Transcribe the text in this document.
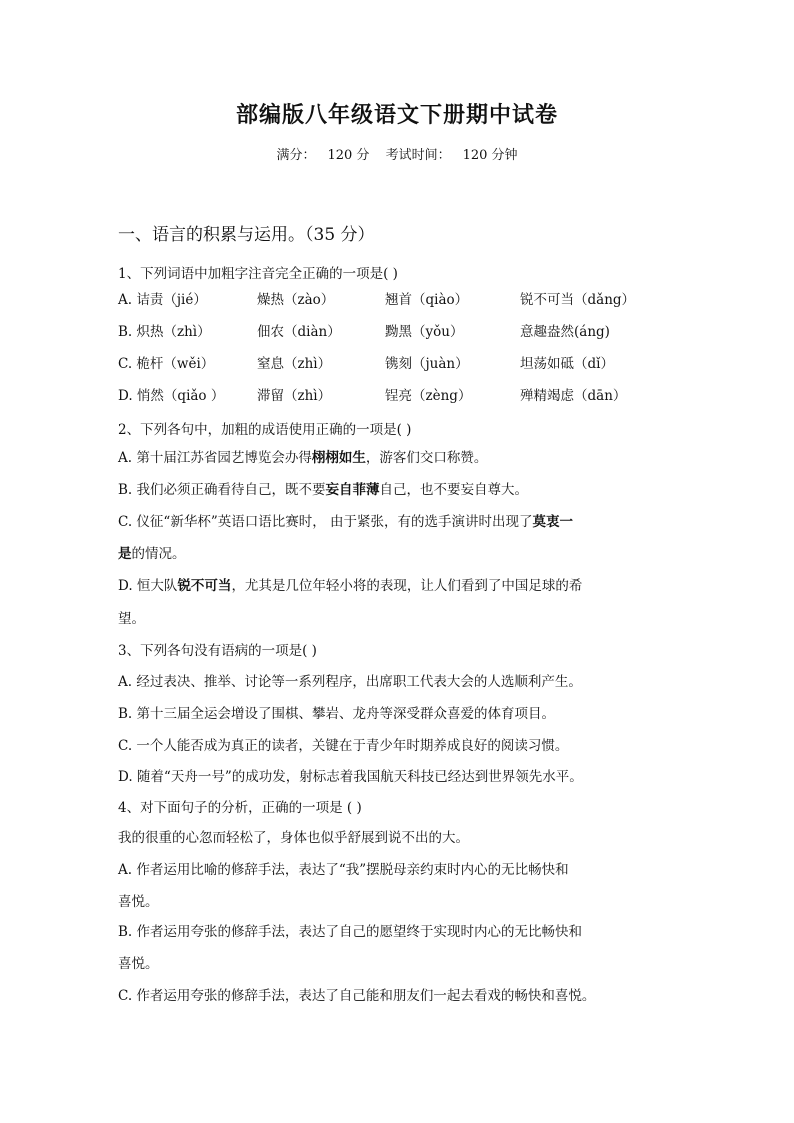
部编版八年级语文下册期中试卷
满分： 120 分 考试时间： 120 分钟
一、语言的积累与运用。（35 分）
1、下列词语中加粗字注音完全正确的一项是( )
A. 诘责（jié）	燥热（zào）	翘首（qiào）	锐不可当（dǎng）
B. 炽热（zhì）	佃农（diàn）	黝黑（yǒu）	意趣盎然(áng)
C. 桅杆（wěi）	窒息（zhì）	镌刻（juàn）	坦荡如砥（dǐ）
D. 悄然（qiǎo ） 滞留（zhì）	锃亮（zèng）	殚精竭虑（dān）
2、下列各句中，加粗的成语使用正确的一项是( )
A. 第十届江苏省园艺博览会办得栩栩如生，游客们交口称赞。
B. 我们必须正确看待自己，既不要妄自菲薄自己，也不要妄自尊大。
C. 仪征“新华杯”英语口语比赛时， 由于紧张，有的选手演讲时出现了莫衷一
是的情况。
D. 恒大队锐不可当，尤其是几位年轻小将的表现，让人们看到了中国足球的希
望。
3、下列各句没有语病的一项是( )
A. 经过表决、推举、讨论等一系列程序，出席职工代表大会的人选顺利产生。
B. 第十三届全运会增设了围棋、攀岩、龙舟等深受群众喜爱的体育项目。
C. 一个人能否成为真正的读者，关键在于青少年时期养成良好的阅读习惯。
D. 随着“天舟一号”的成功发，射标志着我国航天科技已经达到世界领先水平。
4、对下面句子的分析，正确的一项是 ( )
我的很重的心忽而轻松了，身体也似乎舒展到说不出的大。
A. 作者运用比喻的修辞手法，表达了“我”摆脱母亲约束时内心的无比畅快和
喜悦。
B. 作者运用夸张的修辞手法，表达了自己的愿望终于实现时内心的无比畅快和
喜悦。
C. 作者运用夸张的修辞手法，表达了自己能和朋友们一起去看戏的畅快和喜悦。
